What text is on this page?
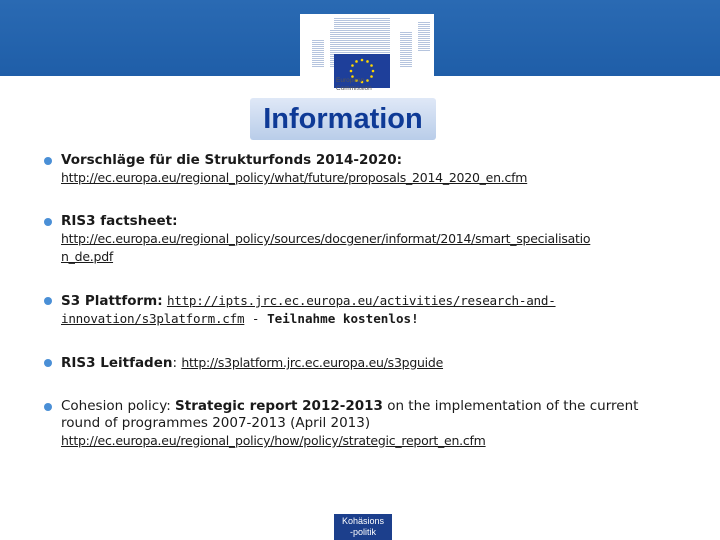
European
Commission
Information
Vorschläge für die Strukturfonds 2014-2020:
http://ec.europa.eu/regional_policy/what/future/proposals_2014_2020_en.cfm
RIS3 factsheet:
http://ec.europa.eu/regional_policy/sources/docgener/informat/2014/smart_specialisatio
n_de.pdf
S3 Plattform: http://ipts.jrc.ec.europa.eu/activities/research-and-
innovation/s3platform.cfm - Teilnahme kostenlos!
RIS3 Leitfaden: http://s3platform.jrc.ec.europa.eu/s3pguide
Cohesion policy: Strategic report 2012-2013 on the implementation of the current
round of programmes 2007-2013 (April 2013)
http://ec.europa.eu/regional_policy/how/policy/strategic_report_en.cfm
Kohäsions
-politik
